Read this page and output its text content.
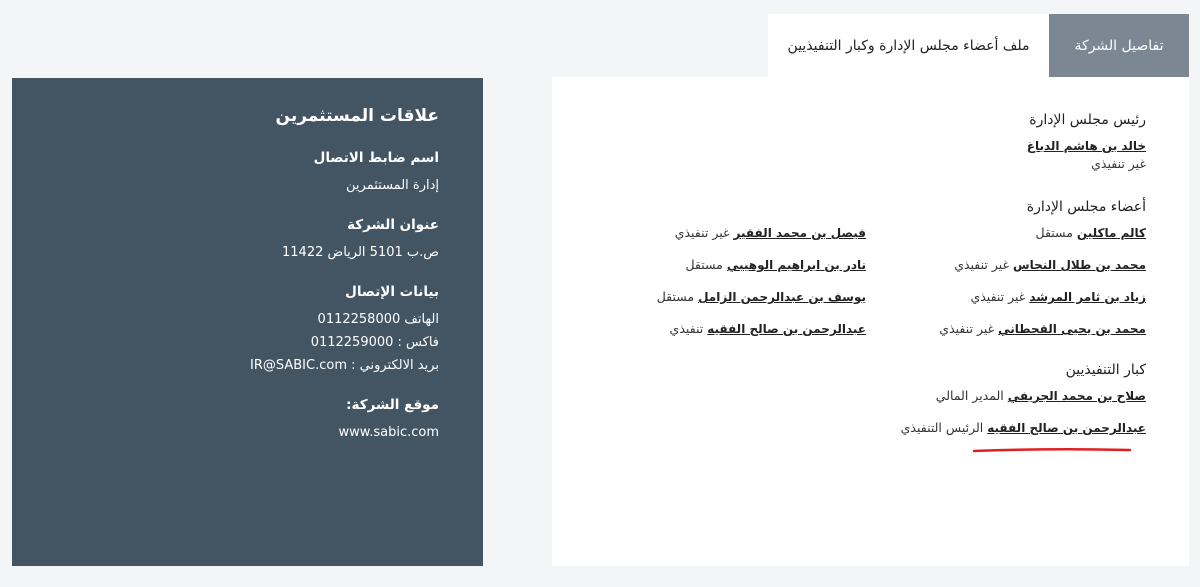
تفاصيل الشركة
ملف أعضاء مجلس الإدارة وكبار التنفيذيين
علاقات المستثمرين
اسم ضابط الاتصال
إدارة المستثمرين
عنوان الشركة
ص.ب 5101 الرياض 11422
بيانات الإتصال
الهاتف 0112258000
فاكس : 0112259000
بريد الالكتروني : IR@SABIC.com
موقع الشركة:
www.sabic.com
رئيس مجلس الإدارة
خالد بن هاشم الدباغ
غير تنفيذي
أعضاء مجلس الإدارة
كالم ماكلين مستقل
فيصل بن محمد الفقير غير تنفيذي
محمد بن طلال النحاس غير تنفيذي
نادر بن ابراهيم الوهيبي مستقل
زياد بن ثامر المرشد غير تنفيذي
يوسف بن عبدالرحمن الزامل مستقل
محمد بن يحيى القحطاني غير تنفيذي
عبدالرحمن بن صالح الفقيه تنفيذي
كبار التنفيذيين
صلاح بن محمد الجريفي المدير المالي
عبدالرحمن بن صالح الفقيه الرئيس التنفيذي
